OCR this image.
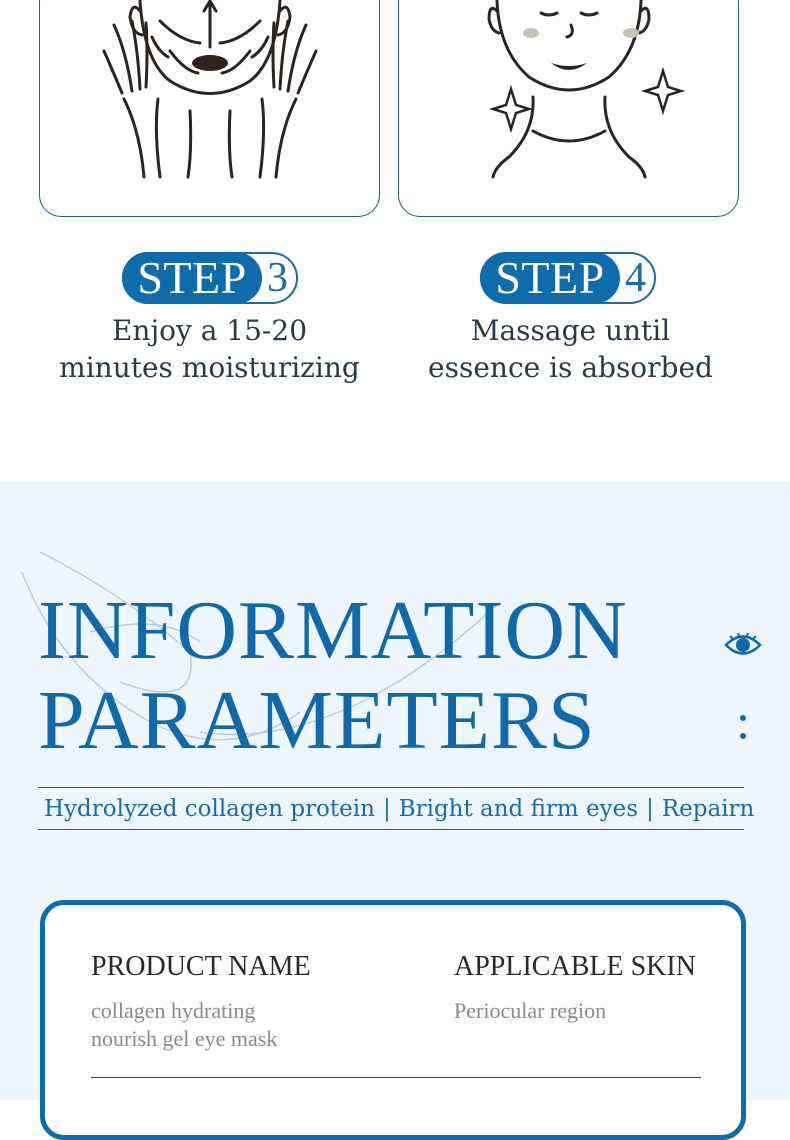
STEP 3
Enjoy a 15-20
minutes moisturizing
STEP 4
Massage until
essence is absorbed
INFORMATION
PARAMETERS
Hydrolyzed collagen protein | Bright and firm eyes | Repairn
PRODUCT NAME
collagen hydrating
nourish gel eye mask
APPLICABLE SKIN
Periocular region
